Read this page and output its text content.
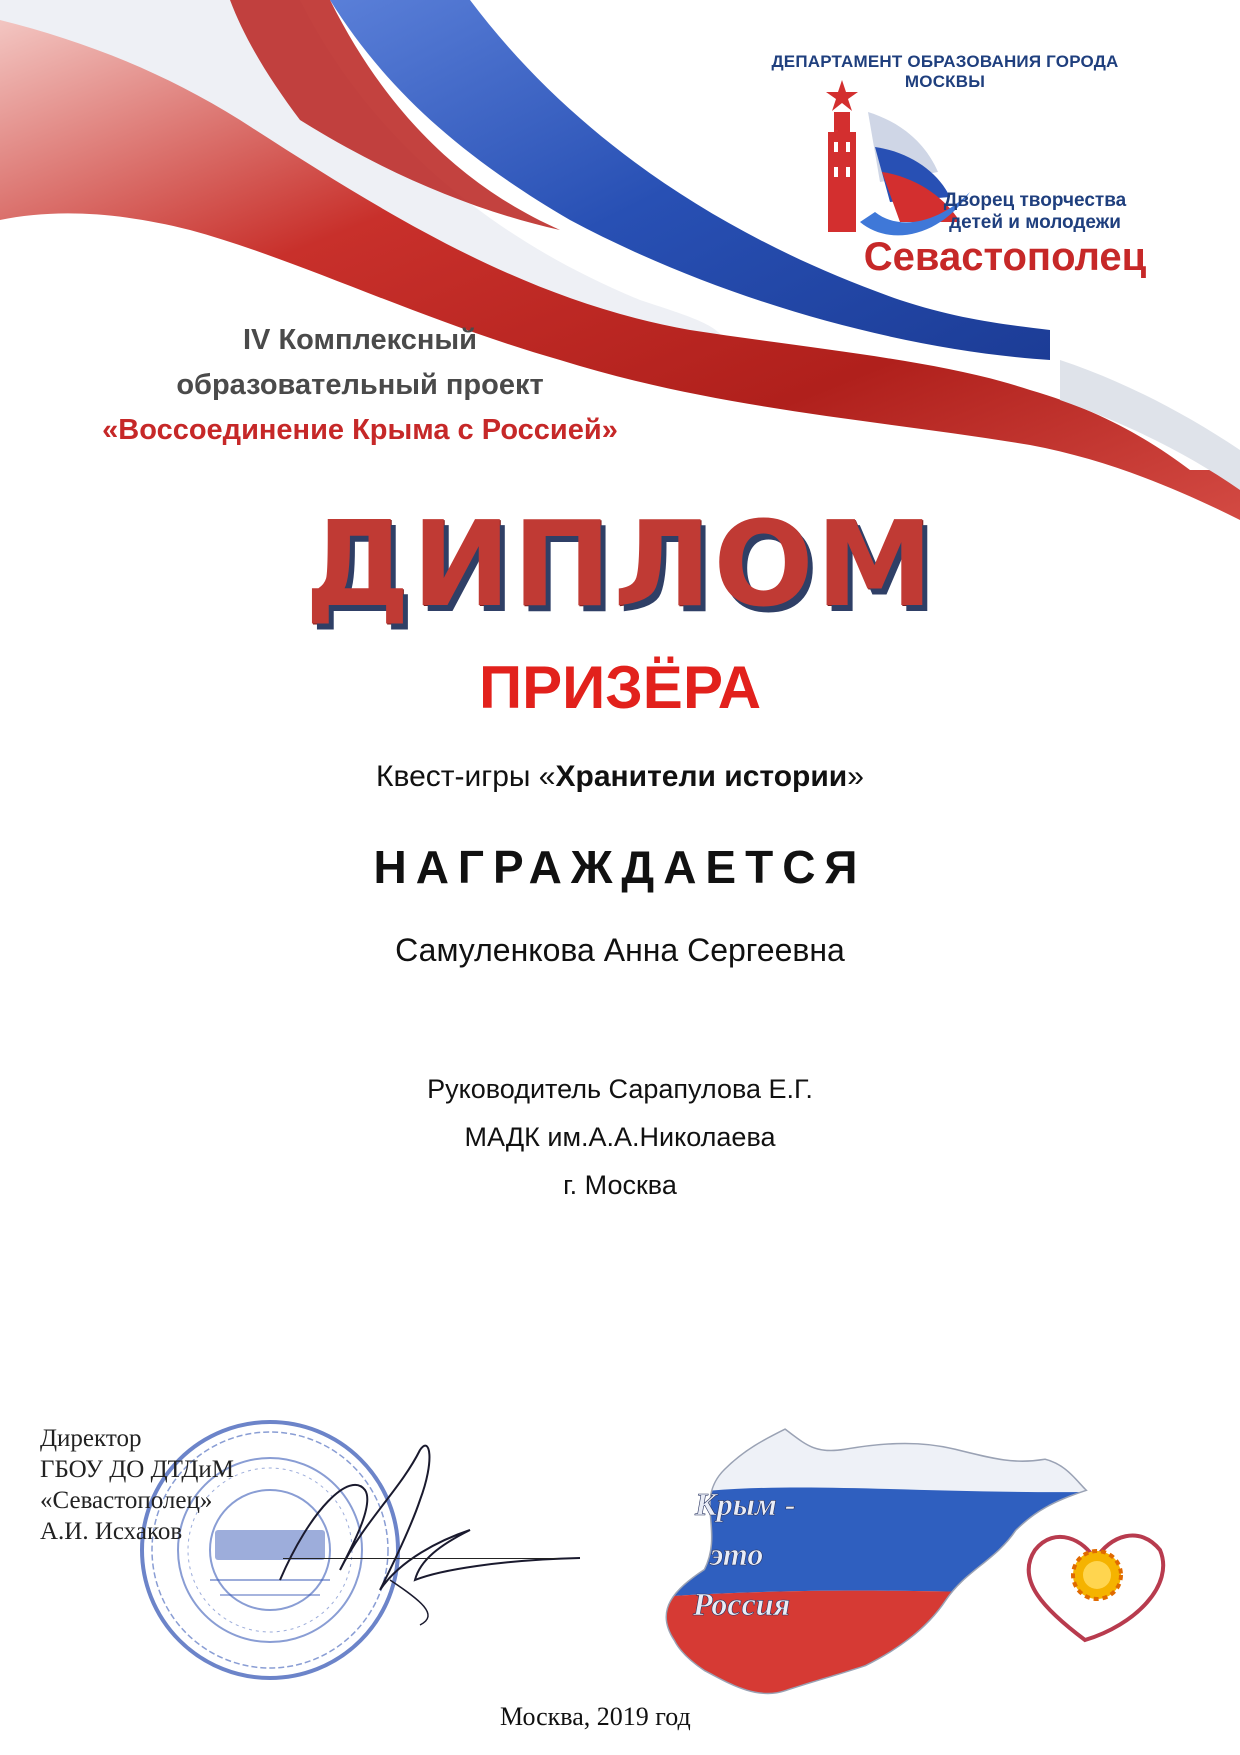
ДЕПАРТАМЕНТ ОБРАЗОВАНИЯ ГОРОДА МОСКВЫ
Дворец творчества
детей и молодежи
Севастополец
IV Комплексный
образовательный проект
«Воссоединение Крыма с Россией»
ДИПЛОМ
ПРИЗЁРА
Квест-игры «Хранители истории»
НАГРАЖДАЕТСЯ
Самуленкова Анна Сергеевна
Руководитель Сарапулова Е.Г.
МАДК им.А.А.Николаева
г. Москва
Директор
ГБОУ ДО ДТДиМ
«Севастополец»
А.И. Исхаков
Крым -
это
Россия
Москва, 2019 год
